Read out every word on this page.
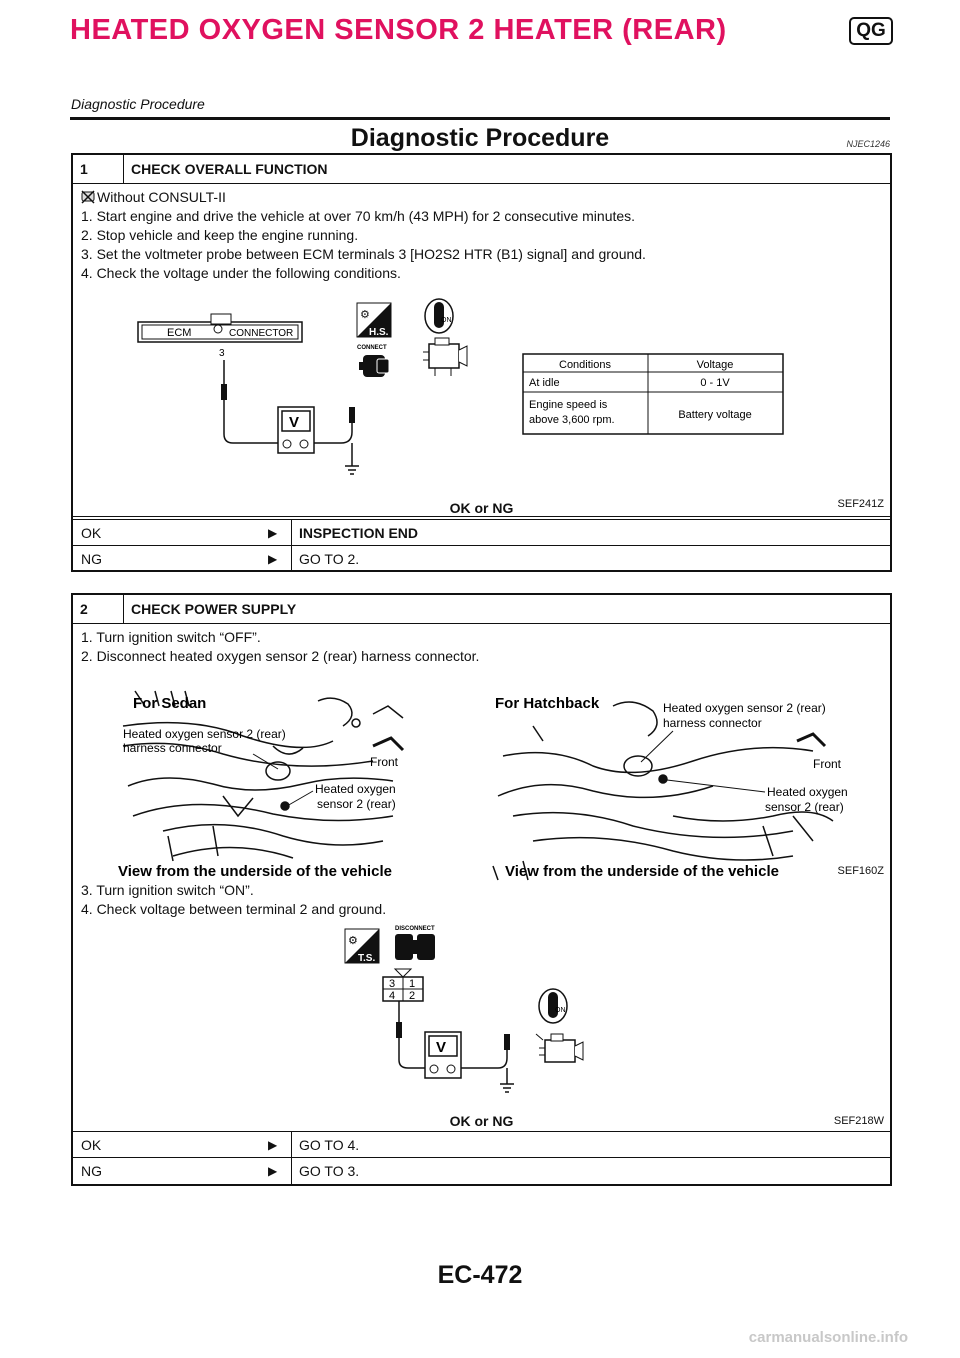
HEATED OXYGEN SENSOR 2 HEATER (REAR)	QG
Diagnostic Procedure
Diagnostic Procedure	NJEC1246
1	CHECK OVERALL FUNCTION
Without CONSULT-II
1. Start engine and drive the vehicle at over 70 km/h (43 MPH) for 2 consecutive minutes.
2. Stop vehicle and keep the engine running.
3. Set the voltmeter probe between ECM terminals 3 [HO2S2 HTR (B1) signal] and ground.
4. Check the voltage under the following conditions.
ECM	CONNECTOR
3
V
⚙
H.S.
CONNECT
ON
Conditions	Voltage
At idle	0 - 1V
Engine speed is
above 3,600 rpm.	Battery voltage
SEF241Z
OK or NG
OK	▶ INSPECTION END
NG	▶ GO TO 2.
2	CHECK POWER SUPPLY
1. Turn ignition switch “OFF”.
2. Disconnect heated oxygen sensor 2 (rear) harness connector.
For Sedan
Heated oxygen sensor 2 (rear)
harness connector
Front
Heated oxygen
sensor 2 (rear)
View from the underside of the vehicle
For Hatchback	Heated oxygen sensor 2 (rear)
harness connector
Front
Heated oxygen
sensor 2 (rear)
View from the underside of the vehicle	SEF160Z
3. Turn ignition switch “ON”.
4. Check voltage between terminal 2 and ground.
⚙
T.S.
DISCONNECT
3 1
4 2
V
ON
SEF218W
OK or NG
OK	▶ GO TO 4.
NG	▶ GO TO 3.
EC-472
carmanualsonline.info
